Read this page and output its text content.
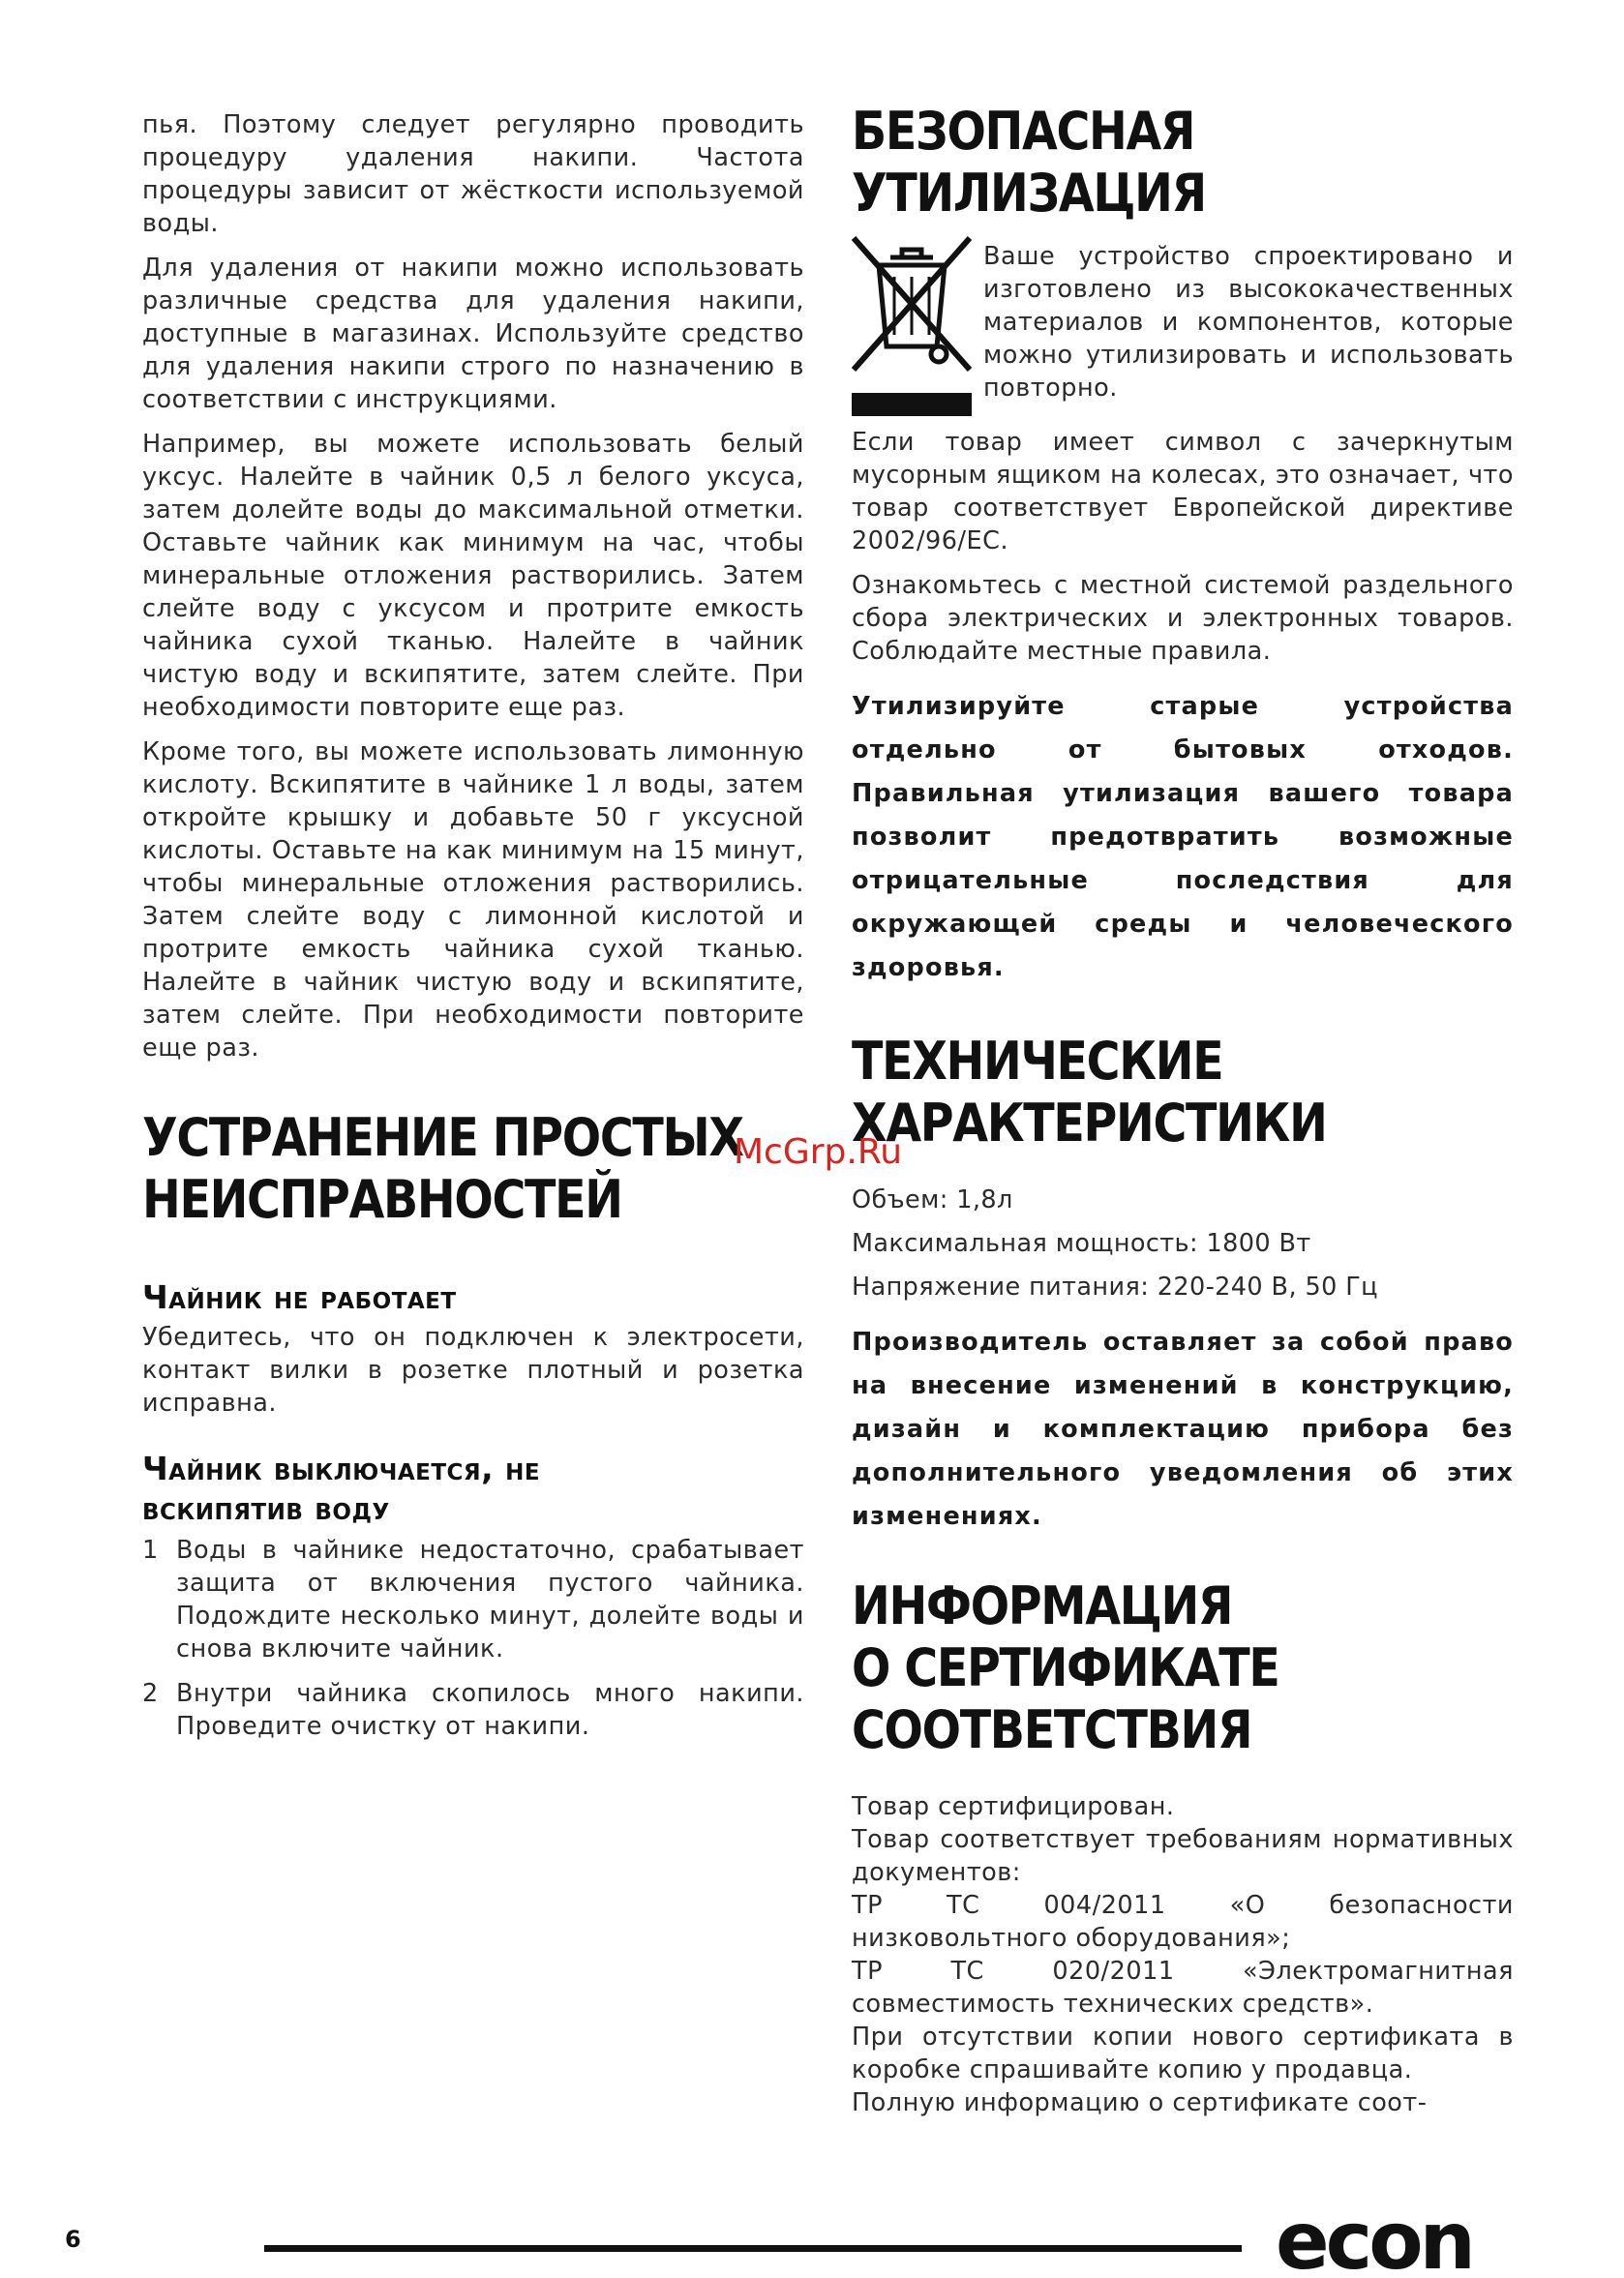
пья. Поэтому следует регулярно проводить процедуру удаления накипи. Частота процедуры зависит от жёсткости используемой воды.

Для удаления от накипи можно использовать различные средства для удаления накипи, доступные в магазинах. Используйте средство для удаления накипи строго по назначению в соответствии с инструкциями.

Например, вы можете использовать белый уксус. Налейте в чайник 0,5 л белого уксуса, затем долейте воды до максимальной отметки. Оставьте чайник как минимум на час, чтобы минеральные отложения растворились. Затем слейте воду с уксусом и протрите емкость чайника сухой тканью. Налейте в чайник чистую воду и вскипятите, затем слейте. При необходимости повторите еще раз.

Кроме того, вы можете использовать лимонную кислоту. Вскипятите в чайнике 1 л воды, затем откройте крышку и добавьте 50 г уксусной кислоты. Оставьте на как минимум на 15 минут, чтобы минеральные отложения растворились. Затем слейте воду с лимонной кислотой и протрите емкость чайника сухой тканью. Налейте в чайник чистую воду и вскипятите, затем слейте. При необходимости повторите еще раз.

УСТРАНЕНИЕ ПРОСТЫХ
НЕИСПРАВНОСТЕЙ
Чайник не работает

Убедитесь, что он подключен к электросети, контакт вилки в розетке плотный и розетка исправна.

Чайник выключается, не
вскипятив воду
1 Воды в чайнике недостаточно, срабатывает защита от включения пустого чайника. Подождите несколько минут, долейте воды и снова включите чайник.
2 Внутри чайника скопилось много накипи. Проведите очистку от накипи.
БЕЗОПАСНАЯ
УТИЛИЗАЦИЯ

Ваше устройство спроектировано и изготовлено из высококачественных материалов и компонентов, которые можно утилизировать и использовать повторно.

Если товар имеет символ с зачеркнутым мусорным ящиком на колесах, это означает, что товар соответствует Европейской директиве 2002/96/EC.

Ознакомьтесь с местной системой раздельного сбора электрических и электронных товаров. Соблюдайте местные правила.

Утилизируйте старые устройства отдельно от бытовых отходов. Правильная утилизация вашего товара позволит предотвратить возможные отрицательные последствия для окружающей среды и человеческого здоровья.

ТЕХНИЧЕСКИЕ
ХАРАКТЕРИСТИКИ
Объем: 1,8л
Максимальная мощность: 1800 Вт
Напряжение питания: 220-240 В, 50 Гц

Производитель оставляет за собой право на внесение изменений в конструкцию, дизайн и комплектацию прибора без дополнительного уведомления об этих изменениях.

ИНФОРМАЦИЯ
О СЕРТИФИКАТЕ
СООТВЕТСТВИЯ

Товар сертифицирован.

Товар соответствует требованиям нормативных документов:

ТР ТС 004/2011 «О безопасности низковольтного оборудования»;

ТР ТС 020/2011 «Электромагнитная совместимость технических средств».

При отсутствии копии нового сертификата в коробке спрашивайте копию у продавца.

Полную информацию о сертификате соот-

McGrp.Ru
6	econ
